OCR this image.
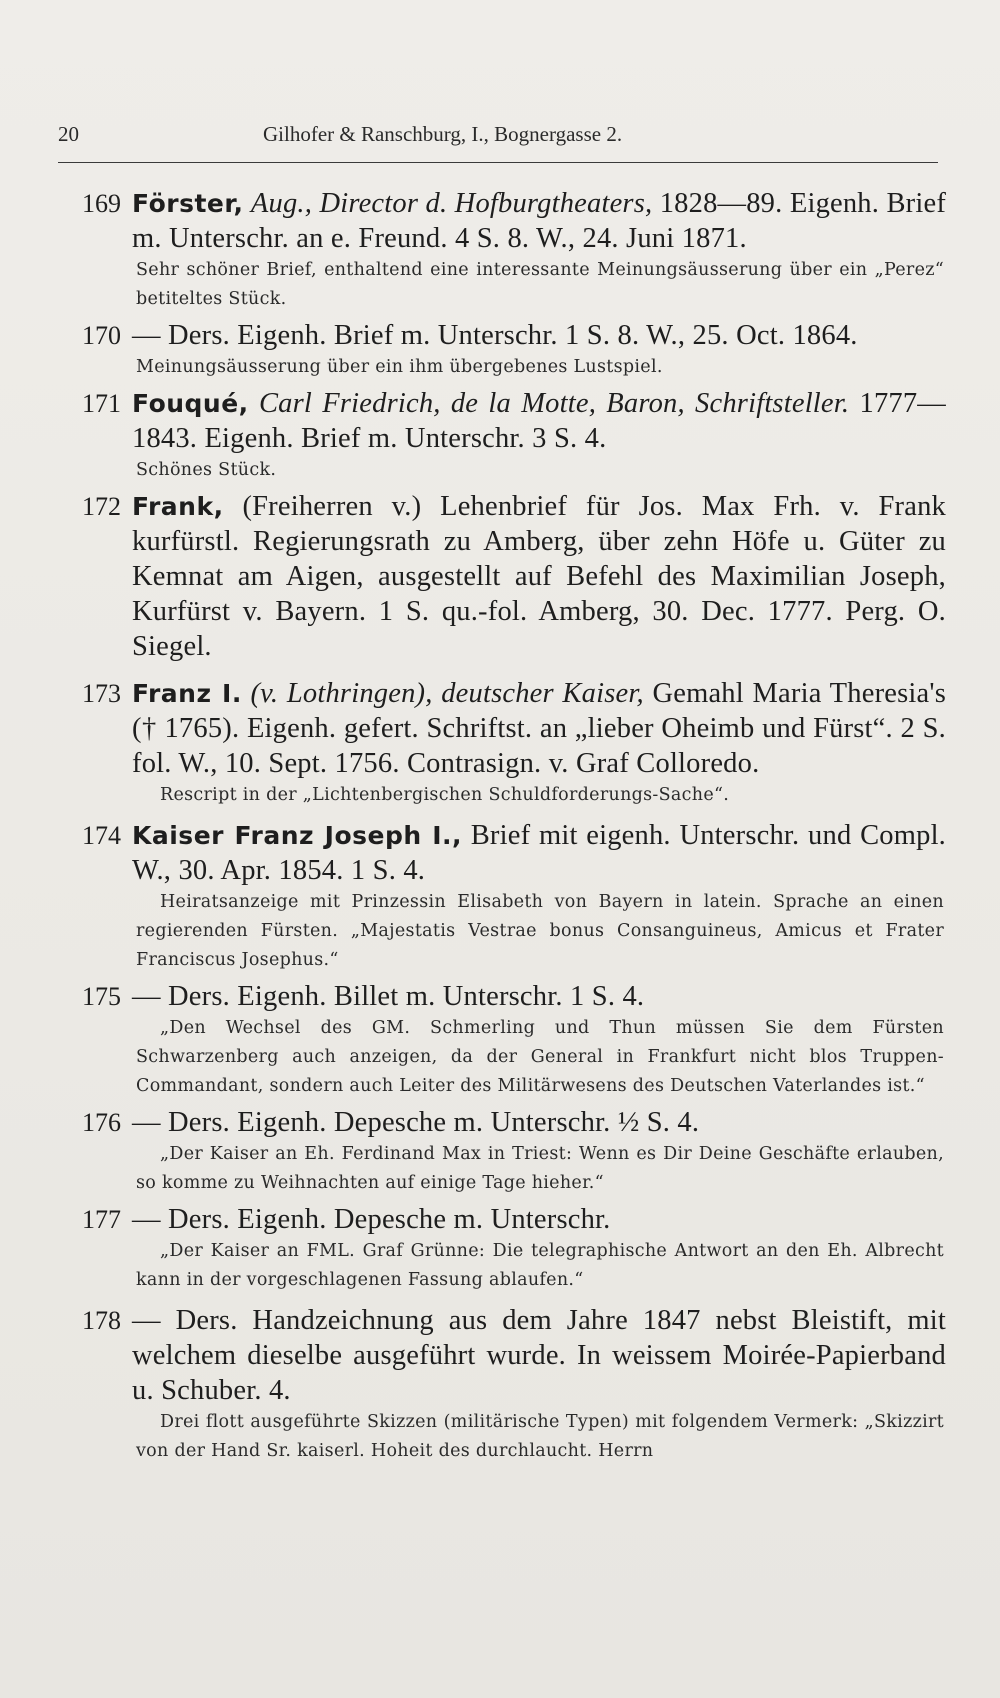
20	Gilhofer & Ranschburg, I., Bognergasse 2.
169 Förster, Aug., Director d. Hofburgtheaters, 1828—89. Eigenh. Brief m. Unterschr. an e. Freund. 4 S. 8. W., 24. Juni 1871.
Sehr schöner Brief, enthaltend eine interessante Meinungsäusserung über ein „Perez“ betiteltes Stück.
170 — Ders. Eigenh. Brief m. Unterschr. 1 S. 8. W., 25. Oct. 1864.
Meinungsäusserung über ein ihm übergebenes Lustspiel.
171 Fouqué, Carl Friedrich, de la Motte, Baron, Schriftsteller. 1777—1843. Eigenh. Brief m. Unterschr. 3 S. 4.
Schönes Stück.
172 Frank, (Freiherren v.) Lehenbrief für Jos. Max Frh. v. Frank kurfürstl. Regierungsrath zu Amberg, über zehn Höfe u. Güter zu Kemnat am Aigen, ausgestellt auf Befehl des Maximilian Joseph, Kurfürst v. Bayern. 1 S. qu.-fol. Amberg, 30. Dec. 1777. Perg. O. Siegel.
173 Franz I. (v. Lothringen), deutscher Kaiser, Gemahl Maria Theresia's († 1765). Eigenh. gefert. Schriftst. an „lieber Oheimb und Fürst“. 2 S. fol. W., 10. Sept. 1756. Contrasign. v. Graf Colloredo.
Rescript in der „Lichtenbergischen Schuldforderungs-Sache“.
174 Kaiser Franz Joseph I., Brief mit eigenh. Unterschr. und Compl. W., 30. Apr. 1854. 1 S. 4.
Heiratsanzeige mit Prinzessin Elisabeth von Bayern in latein. Sprache an einen regierenden Fürsten. „Majestatis Vestrae bonus Consanguineus, Amicus et Frater Franciscus Josephus.“
175 — Ders. Eigenh. Billet m. Unterschr. 1 S. 4.
„Den Wechsel des GM. Schmerling und Thun müssen Sie dem Fürsten Schwarzenberg auch anzeigen, da der General in Frankfurt nicht blos Truppen-Commandant, sondern auch Leiter des Militärwesens des Deutschen Vaterlandes ist.“
176 — Ders. Eigenh. Depesche m. Unterschr. ½ S. 4.
„Der Kaiser an Eh. Ferdinand Max in Triest: Wenn es Dir Deine Geschäfte erlauben, so komme zu Weihnachten auf einige Tage hieher.“
177 — Ders. Eigenh. Depesche m. Unterschr.
„Der Kaiser an FML. Graf Grünne: Die telegraphische Antwort an den Eh. Albrecht kann in der vorgeschlagenen Fassung ablaufen.“
178 — Ders. Handzeichnung aus dem Jahre 1847 nebst Bleistift, mit welchem dieselbe ausgeführt wurde. In weissem Moirée-Papierband u. Schuber. 4.
Drei flott ausgeführte Skizzen (militärische Typen) mit folgendem Vermerk: „Skizzirt von der Hand Sr. kaiserl. Hoheit des durchlaucht. Herrn
